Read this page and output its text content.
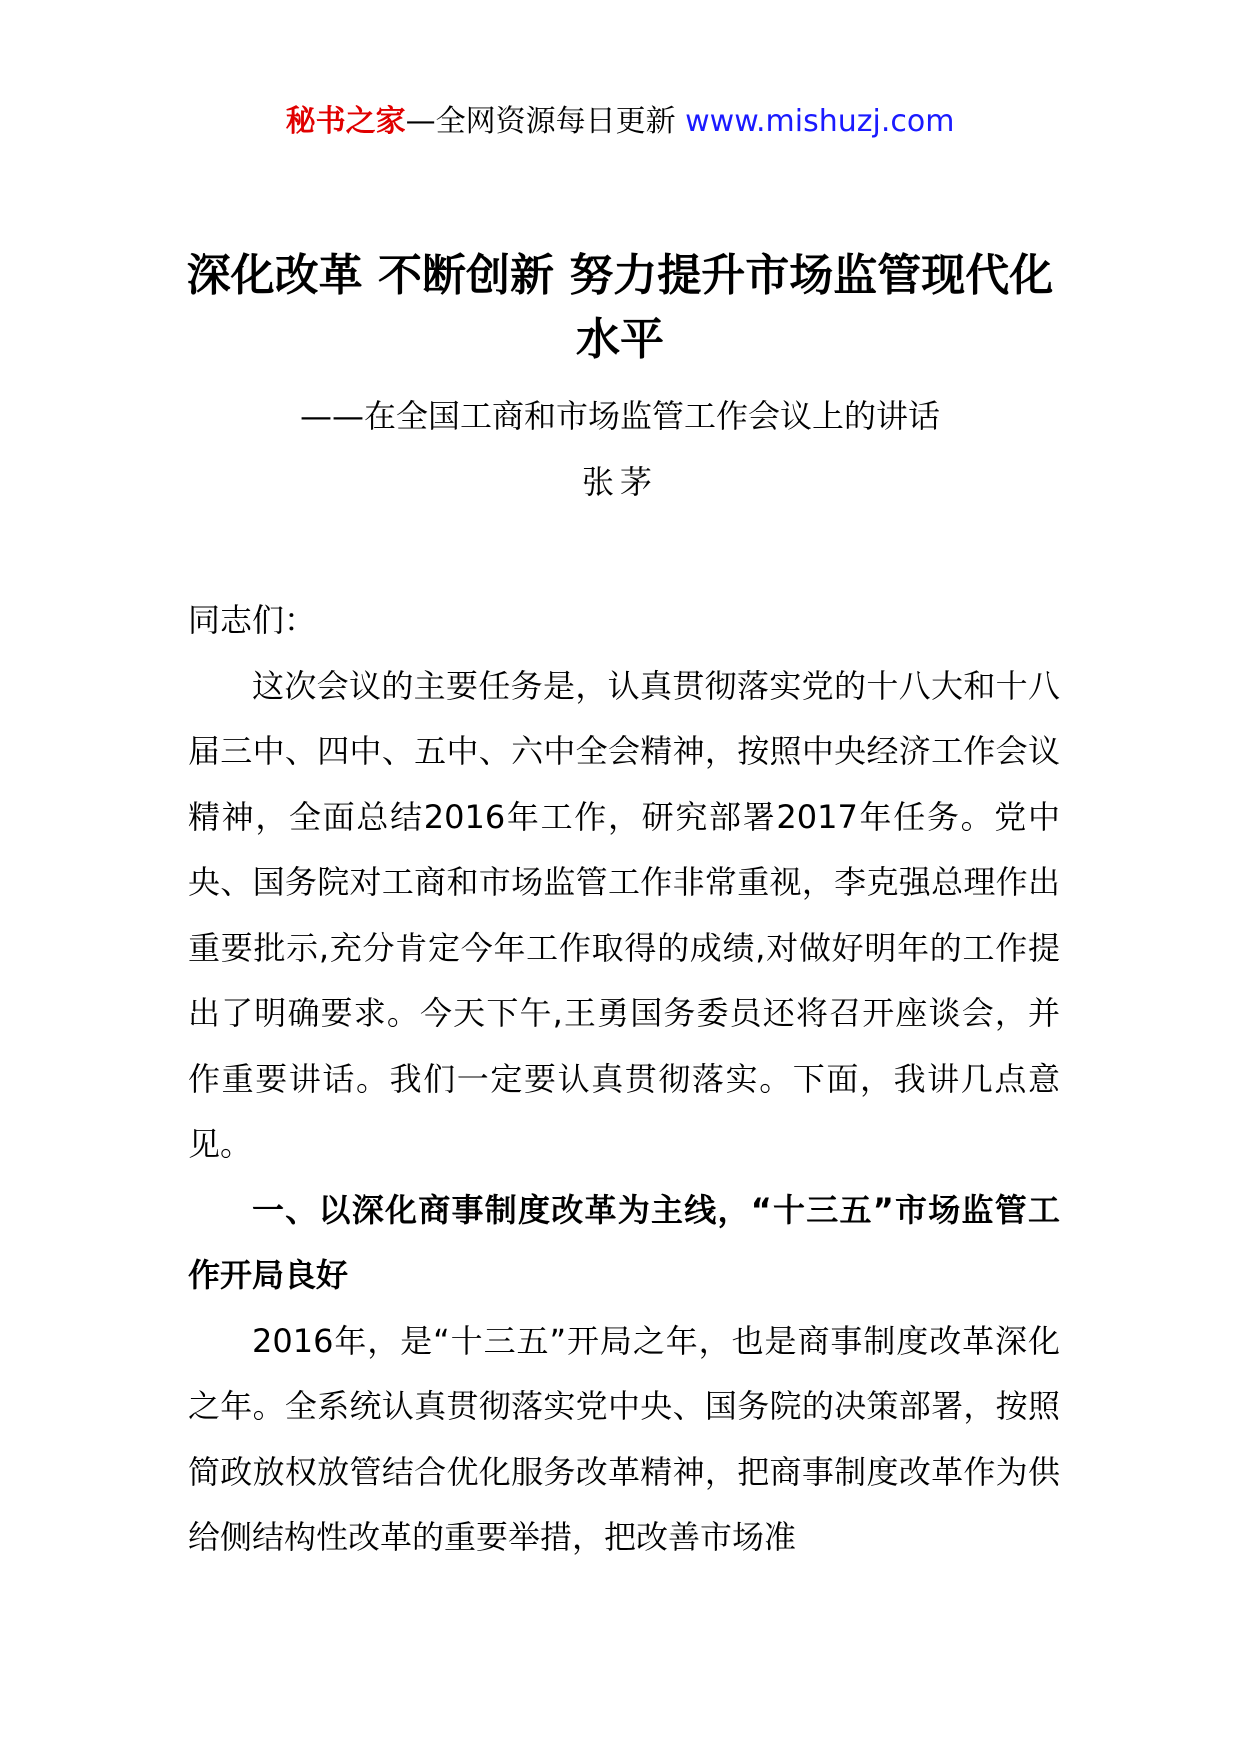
秘书之家—全网资源每日更新 www.mishuzj.com
深化改革 不断创新 努力提升市场监管现代化水平
——在全国工商和市场监管工作会议上的讲话
张茅

同志们：

这次会议的主要任务是，认真贯彻落实党的十八大和十八届三中、四中、五中、六中全会精神，按照中央经济工作会议精神，全面总结2016年工作，研究部署2017年任务。党中央、国务院对工商和市场监管工作非常重视，李克强总理作出重要批示,充分肯定今年工作取得的成绩,对做好明年的工作提出了明确要求。今天下午,王勇国务委员还将召开座谈会，并作重要讲话。我们一定要认真贯彻落实。下面，我讲几点意见。

一、以深化商事制度改革为主线，“十三五”市场监管工作开局良好

2016年，是“十三五”开局之年，也是商事制度改革深化之年。全系统认真贯彻落实党中央、国务院的决策部署，按照简政放权放管结合优化服务改革精神，把商事制度改革作为供给侧结构性改革的重要举措，把改善市场准
